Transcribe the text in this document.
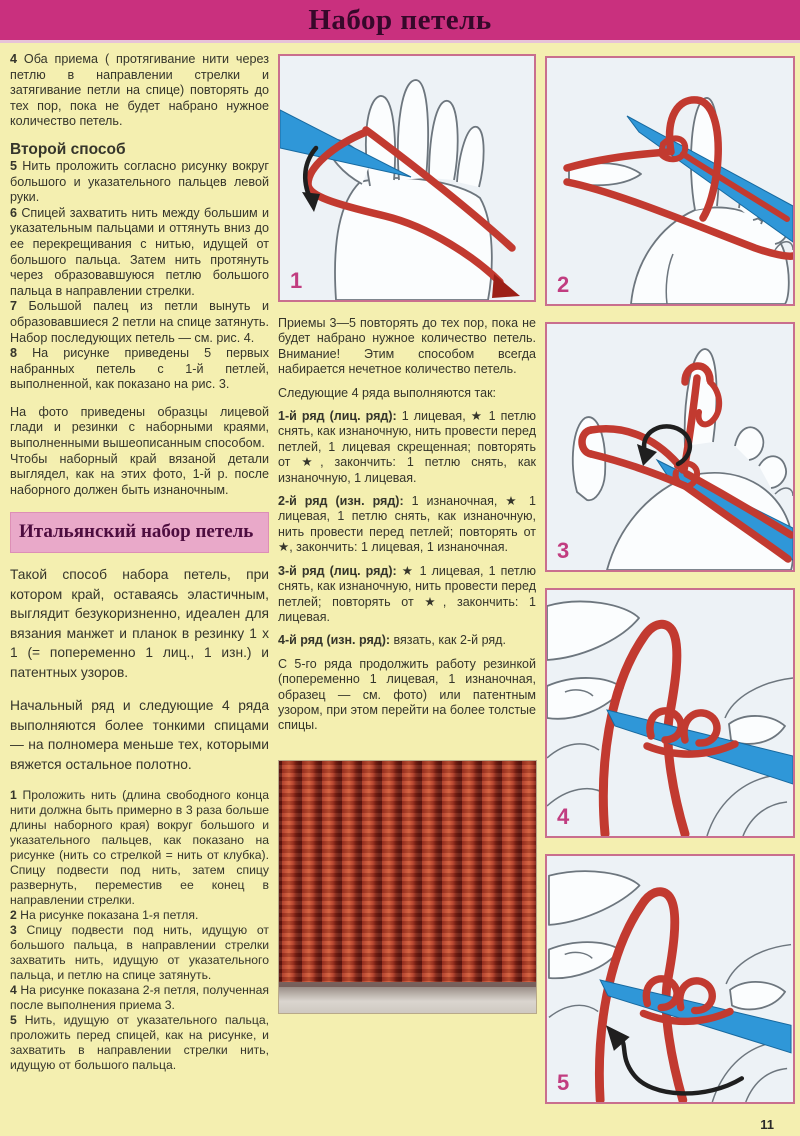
Набор петель

4 Оба приема ( протягивание нити через петлю в направлении стрелки и затягивание петли на спице) повторять до тех пор, пока не будет набрано нужное количество петель.

Второй способ

5 Нить проложить согласно рисунку вокруг большого и указательного пальцев левой руки.

6 Спицей захватить нить между большим и указательным пальцами и оттянуть вниз до ее перекрещивания с нитью, идущей от большого пальца. Затем нить протянуть через образовавшуюся петлю большого пальца в направлении стрелки.

7 Большой палец из петли вынуть и образовавшиеся 2 петли на спице затянуть. Набор последующих петель — см. рис. 4.

8 На рисунке приведены 5 первых набранных петель с 1-й петлей, выполненной, как показано на рис. 3.

На фото приведены образцы лицевой глади и резинки с наборными краями, выполненными вышеописанным способом.

Чтобы наборный край вязаной детали выглядел, как на этих фото, 1-й р. после наборного должен быть изнаночным.

Итальянский набор петель

Такой способ набора петель, при котором край, оставаясь эластичным, выглядит безукоризненно, идеален для вязания манжет и планок в резинку 1 х 1 (= попеременно 1 лиц., 1 изн.) и патентных узоров.

Начальный ряд и следующие 4 ряда выполняются более тонкими спицами — на полномера меньше тех, которыми вяжется остальное полотно.

1 Проложить нить (длина свободного конца нити должна быть примерно в 3 раза больше длины наборного края) вокруг большого и указательного пальцев, как показано на рисунке (нить со стрелкой = нить от клубка). Спицу подвести под нить, затем спицу развернуть, переместив ее конец в направлении стрелки.

2 На рисунке показана 1-я петля.

3 Спицу подвести под нить, идущую от большого пальца, в направлении стрелки захватить нить, идущую от указательного пальца, и петлю на спице затянуть.

4 На рисунке показана 2-я петля, полученная после выполнения приема 3.

5 Нить, идущую от указательного пальца, проложить перед спицей, как на рисунке, и захватить в направлении стрелки нить, идущую от большого пальца.

1

Приемы 3—5 повторять до тех пор, пока не будет набрано нужное количество петель. Внимание! Этим способом всегда набирается нечетное количество петель.

Следующие 4 ряда выполняются так:

1-й ряд (лиц. ряд): 1 лицевая, ★ 1 петлю снять, как изнаночную, нить провести перед петлей, 1 лицевая скрещенная; повторять от ★, закончить: 1 петлю снять, как изнаночную, 1 лицевая.

2-й ряд (изн. ряд): 1 изнаночная, ★ 1 лицевая, 1 петлю снять, как изнаночную, нить провести перед петлей; повторять от ★, закончить: 1 лицевая, 1 изнаночная.

3-й ряд (лиц. ряд): ★ 1 лицевая, 1 петлю снять, как изнаночную, нить провести перед петлей; повторять от ★, закончить: 1 лицевая.

4-й ряд (изн. ряд): вязать, как 2-й ряд.

С 5-го ряда продолжить работу резинкой (попеременно 1 лицевая, 1 изнаночная, образец — см. фото) или патентным узором, при этом перейти на более толстые спицы.

2
3
4
5
11
